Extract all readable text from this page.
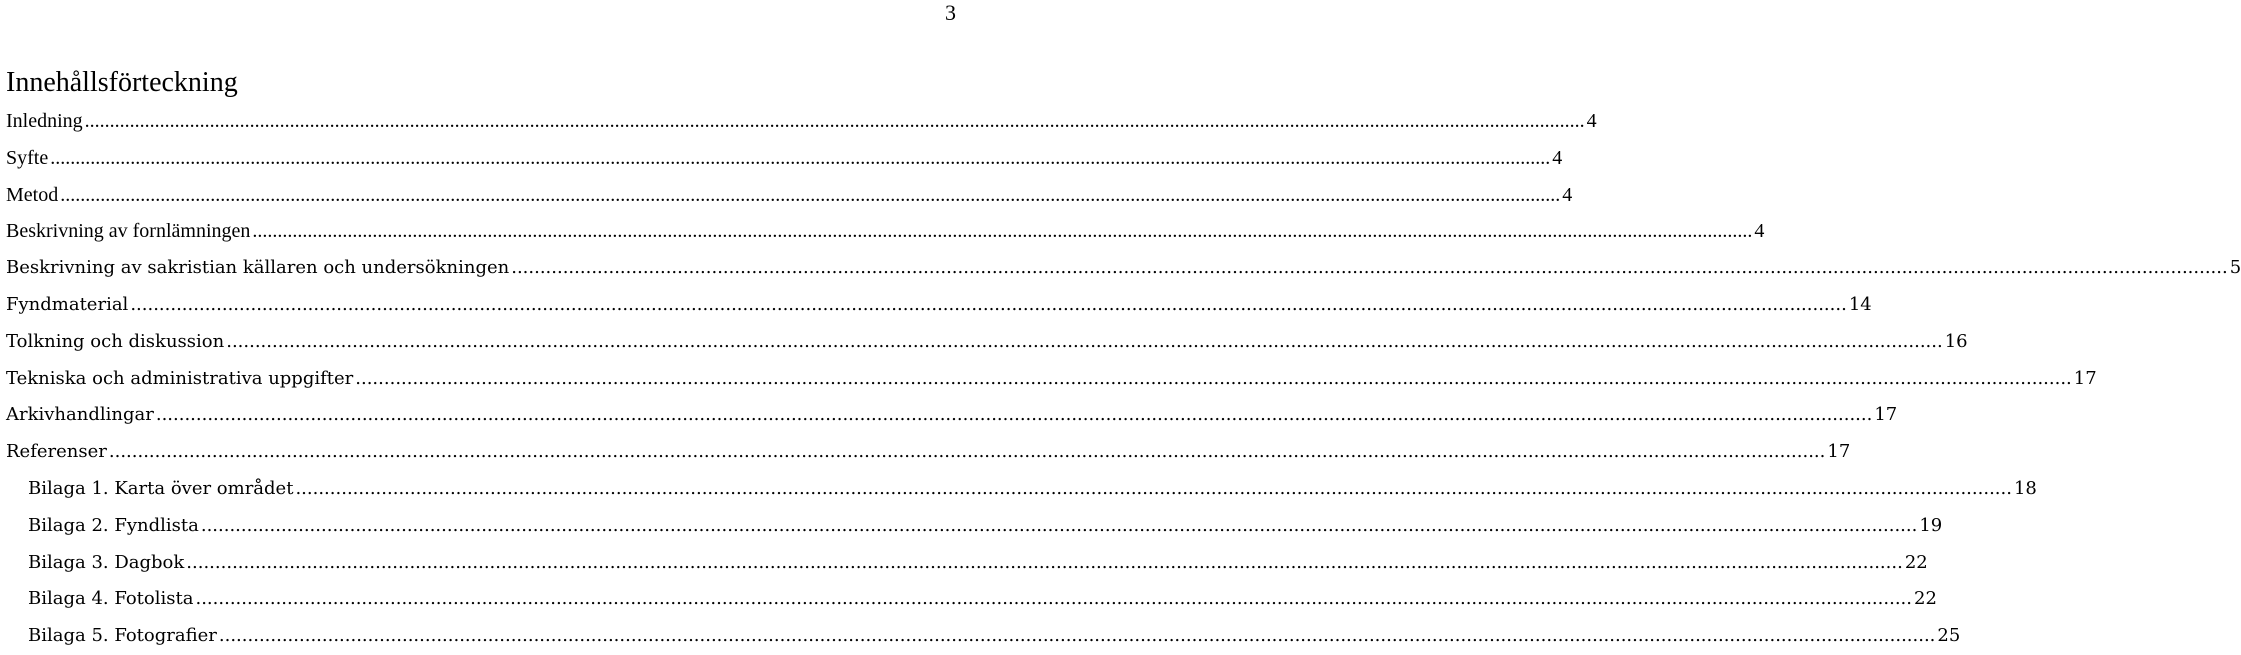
3
Innehållsförteckning
Inledning .....	4
Syfte .....	4
Metod .....	4
Beskrivning av fornlämningen .....	4
Beskrivning av sakristian källaren och undersökningen .....	5
Fyndmaterial .....	14
Tolkning och diskussion .....	16
Tekniska och administrativa uppgifter .....	17
Arkivhandlingar .....	17
Referenser .....	17
Bilaga 1. Karta över området .....	18
Bilaga 2. Fyndlista .....	19
Bilaga 3. Dagbok .....	22
Bilaga 4. Fotolista .....	22
Bilaga 5. Fotografier .....	25
